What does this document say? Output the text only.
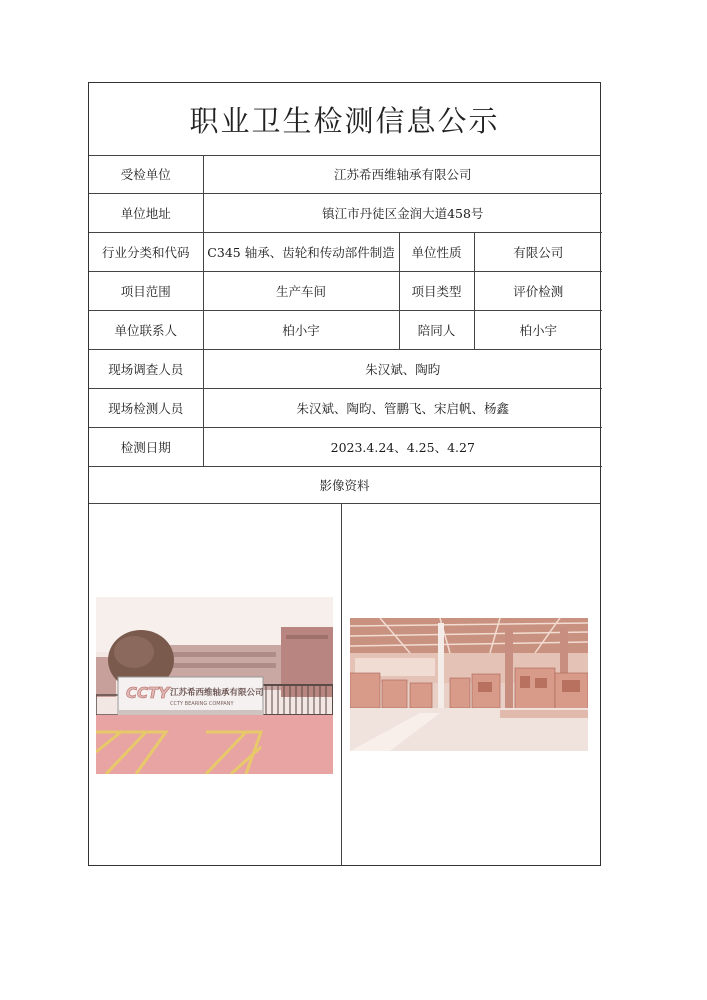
职业卫生检测信息公示
受检单位	江苏希西维轴承有限公司		
单位地址	镇江市丹徒区金润大道458号		
行业分类和代码	C345 轴承、齿轮和传动部件制造	单位性质	有限公司
项目范围	生产车间	项目类型	评价检测
单位联系人	柏小宇	陪同人	柏小宇
现场调查人员	朱汉斌、陶昀		
现场检测人员	朱汉斌、陶昀、管鹏飞、宋启帆、杨鑫		
检测日期	2023.4.24、4.25、4.27		
影像资料
CCTY 江苏希西维轴承有限公司
CCTY BEARING COMPANY
